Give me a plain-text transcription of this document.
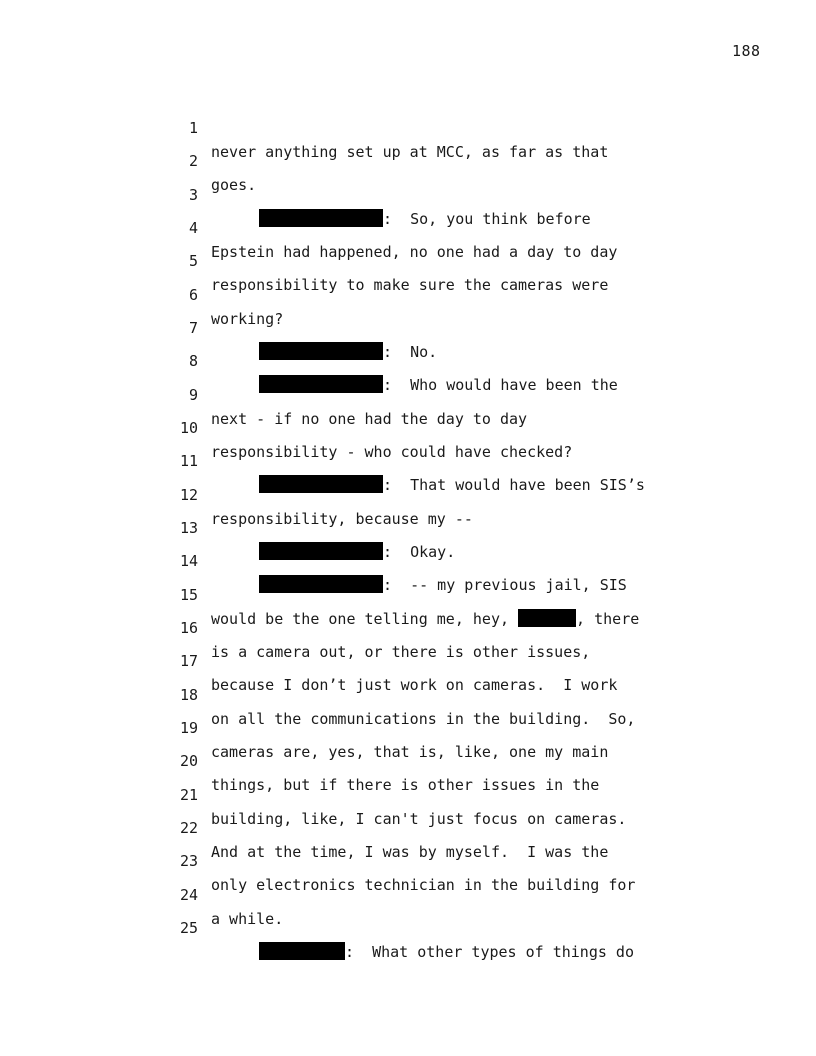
188

1

never anything set up at MCC, as far as that

2

goes.

3

:  So, you think before

4

Epstein had happened, no one had a day to day

5

responsibility to make sure the cameras were

6

working?

7

:  No.

8

:  Who would have been the

9

next - if no one had the day to day

10

responsibility - who could have checked?

11

:  That would have been SIS’s

12

responsibility, because my --

13

:  Okay.

14

:  -- my previous jail, SIS

15

would be the one telling me, hey,	, there

16

is a camera out, or there is other issues,

17

because I don’t just work on cameras.  I work

18

on all the communications in the building.  So,

19

cameras are, yes, that is, like, one my main

20

things, but if there is other issues in the

21

building, like, I can't just focus on cameras.

22

And at the time, I was by myself.  I was the

23

only electronics technician in the building for

24

a while.

25

:  What other types of things do
